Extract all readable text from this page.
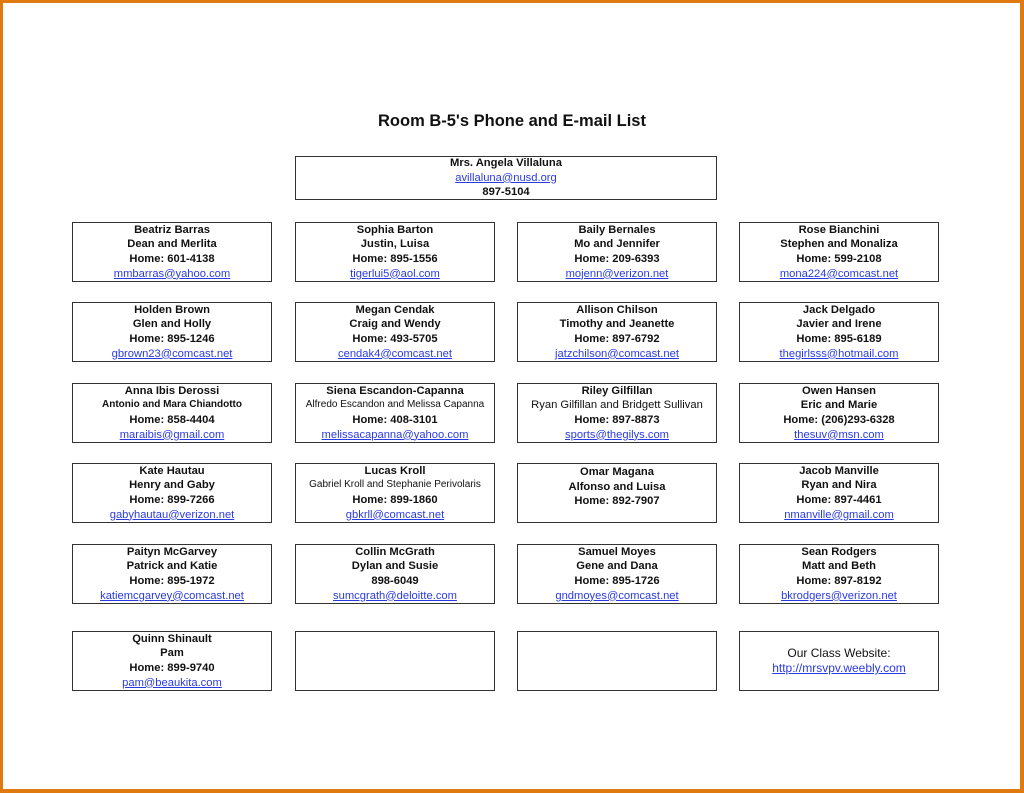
Room B-5's Phone and E-mail List
Mrs. Angela Villaluna
avillaluna@nusd.org
897-5104
Beatriz Barras
Dean and Merlita
Home: 601-4138
mmbarras@yahoo.com
Sophia Barton
Justin, Luisa
Home: 895-1556
tigerlui5@aol.com
Baily Bernales
Mo and Jennifer
Home: 209-6393
mojenn@verizon.net
Rose Bianchini
Stephen and Monaliza
Home: 599-2108
mona224@comcast.net
Holden Brown
Glen and Holly
Home: 895-1246
gbrown23@comcast.net
Megan Cendak
Craig and Wendy
Home: 493-5705
cendak4@comcast.net
Allison Chilson
Timothy and Jeanette
Home: 897-6792
jatzchilson@comcast.net
Jack Delgado
Javier and Irene
Home: 895-6189
thegirlsss@hotmail.com
Anna Ibis Derossi
Antonio and Mara Chiandotto
Home: 858-4404
maraibis@gmail.com
Siena Escandon-Capanna
Alfredo Escandon and Melissa Capanna
Home: 408-3101
melissacapanna@yahoo.com
Riley Gilfillan
Ryan Gilfillan and Bridgett Sullivan
Home: 897-8873
sports@thegilys.com
Owen Hansen
Eric and Marie
Home: (206)293-6328
thesuv@msn.com
Kate Hautau
Henry and Gaby
Home: 899-7266
gabyhautau@verizon.net
Lucas Kroll
Gabriel Kroll and Stephanie Perivolaris
Home: 899-1860
gbkrll@comcast.net
Omar Magana
Alfonso and Luisa
Home: 892-7907
Jacob Manville
Ryan and Nira
Home: 897-4461
nmanville@gmail.com
Paityn McGarvey
Patrick and Katie
Home: 895-1972
katiemcgarvey@comcast.net
Collin McGrath
Dylan and Susie
898-6049
sumcgrath@deloitte.com
Samuel Moyes
Gene and Dana
Home: 895-1726
gndmoyes@comcast.net
Sean Rodgers
Matt and Beth
Home: 897-8192
bkrodgers@verizon.net
Quinn Shinault
Pam
Home: 899-9740
pam@beaukita.com
Our Class Website:
http://mrsvpv.weebly.com
